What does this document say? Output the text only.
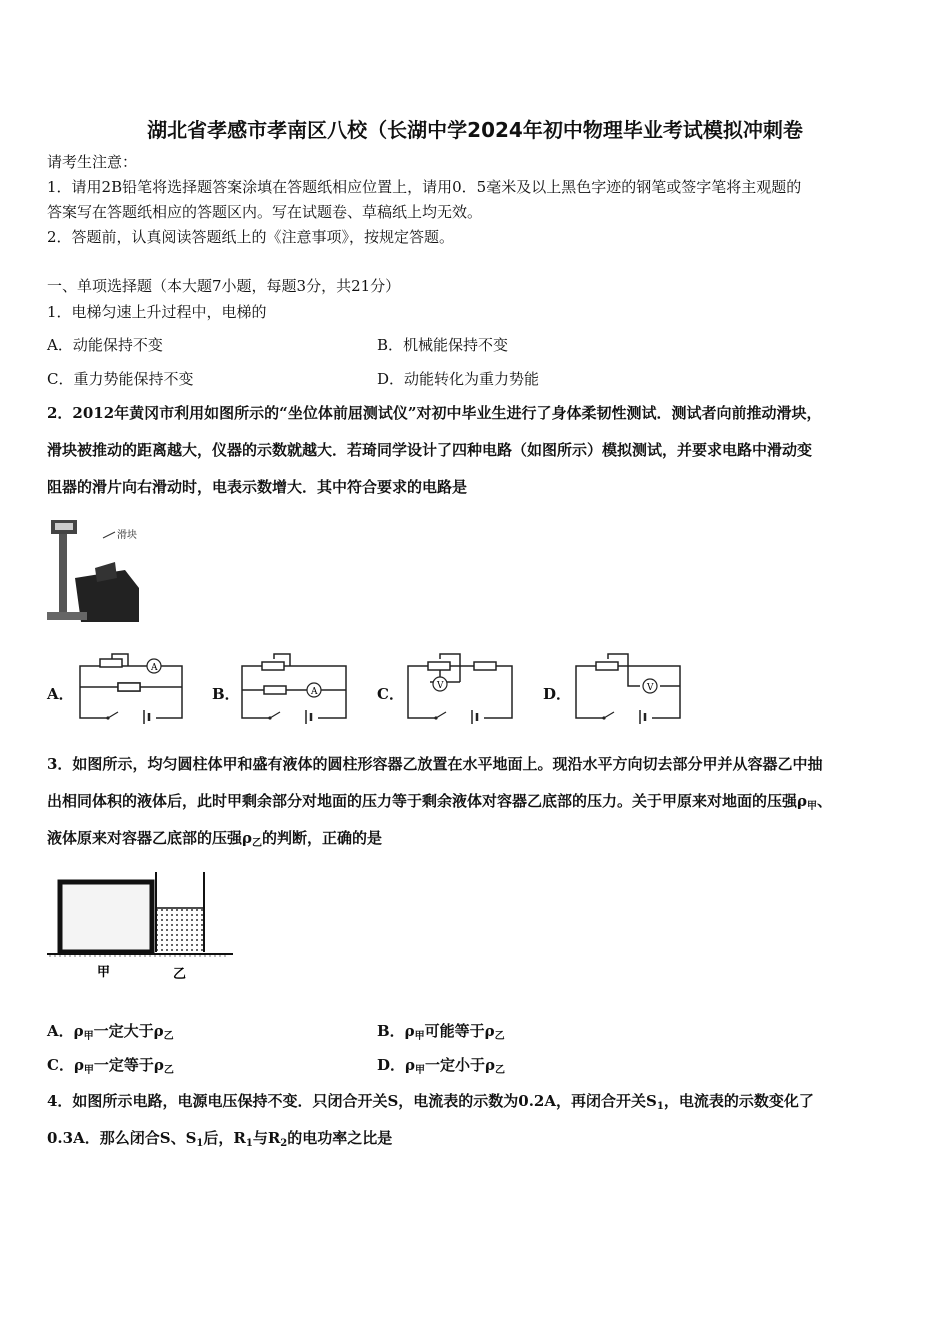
湖北省孝感市孝南区八校（长湖中学2024年初中物理毕业考试模拟冲刺卷
请考生注意：
1．请用2B铅笔将选择题答案涂填在答题纸相应位置上，请用0．5毫米及以上黑色字迹的钢笔或签字笔将主观题的
答案写在答题纸相应的答题区内。写在试题卷、草稿纸上均无效。
2．答题前，认真阅读答题纸上的《注意事项》，按规定答题。
一、单项选择题（本大题7小题，每题3分，共21分）
1．电梯匀速上升过程中，电梯的
A．动能保持不变	B．机械能保持不变
C．重力势能保持不变	D．动能转化为重力势能
2．2012年黄冈市利用如图所示的“坐位体前屈测试仪”对初中毕业生进行了身体柔韧性测试．测试者向前推动滑块，
滑块被推动的距离越大，仪器的示数就越大．若琦同学设计了四种电路（如图所示）模拟测试，并要求电路中滑动变
阻器的滑片向右滑动时，电表示数增大．其中符合要求的电路是
滑块
A．
A
B．	A	C．	V	D．	V
3．如图所示，均匀圆柱体甲和盛有液体的圆柱形容器乙放置在水平地面上。现沿水平方向切去部分甲并从容器乙中抽
出相同体积的液体后，此时甲剩余部分对地面的压力等于剩余液体对容器乙底部的压力。关于甲原来对地面的压强$\rho_甲$、
液体原来对容器乙底部的压强$\rho_乙$的判断，正确的是
甲	乙
A．$\rho_甲$一定大于$\rho_乙$	B．$\rho_甲$可能等于$\rho_乙$
C．$\rho_甲$一定等于$\rho_乙$	D．$\rho_甲$一定小于$\rho_乙$
4．如图所示电路，电源电压保持不变．只闭合开关S，电流表的示数为0.2A，再闭合开关$S_1$，电流表的示数变化了
0.3A．那么闭合S、$S_1$后，$R_1$与$R_2$的电功率之比是
